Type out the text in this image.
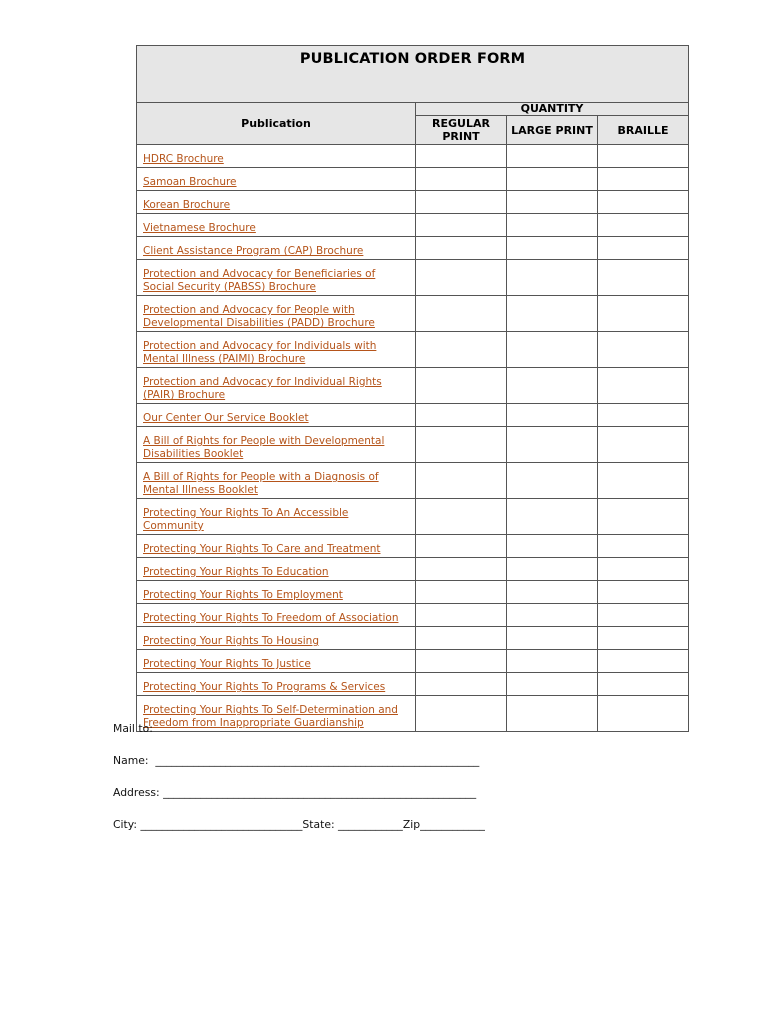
PUBLICATION ORDER FORM			
Publication	QUANTITY		
	REGULAR PRINT	LARGE PRINT	BRAILLE
HDRC Brochure			
Samoan Brochure			
Korean Brochure			
Vietnamese Brochure			
Client Assistance Program (CAP) Brochure			
Protection and Advocacy for Beneficiaries of Social Security (PABSS) Brochure			
Protection and Advocacy for People with Developmental Disabilities (PADD) Brochure			
Protection and Advocacy for Individuals with Mental Illness (PAIMI) Brochure			
Protection and Advocacy for Individual Rights (PAIR) Brochure			
Our Center Our Service Booklet			
A Bill of Rights for People with Developmental Disabilities Booklet			
A Bill of Rights for People with a Diagnosis of Mental Illness Booklet			
Protecting Your Rights To An Accessible Community			
Protecting Your Rights To Care and Treatment			
Protecting Your Rights To Education			
Protecting Your Rights To Employment			
Protecting Your Rights To Freedom of Association			
Protecting Your Rights To Housing			
Protecting Your Rights To Justice			
Protecting Your Rights To Programs & Services			
Protecting Your Rights To Self-Determination and Freedom from Inappropriate Guardianship			
Mail to:
Name:  ____________________________________________________________
Address: __________________________________________________________
City: ______________________________State: ____________Zip____________
